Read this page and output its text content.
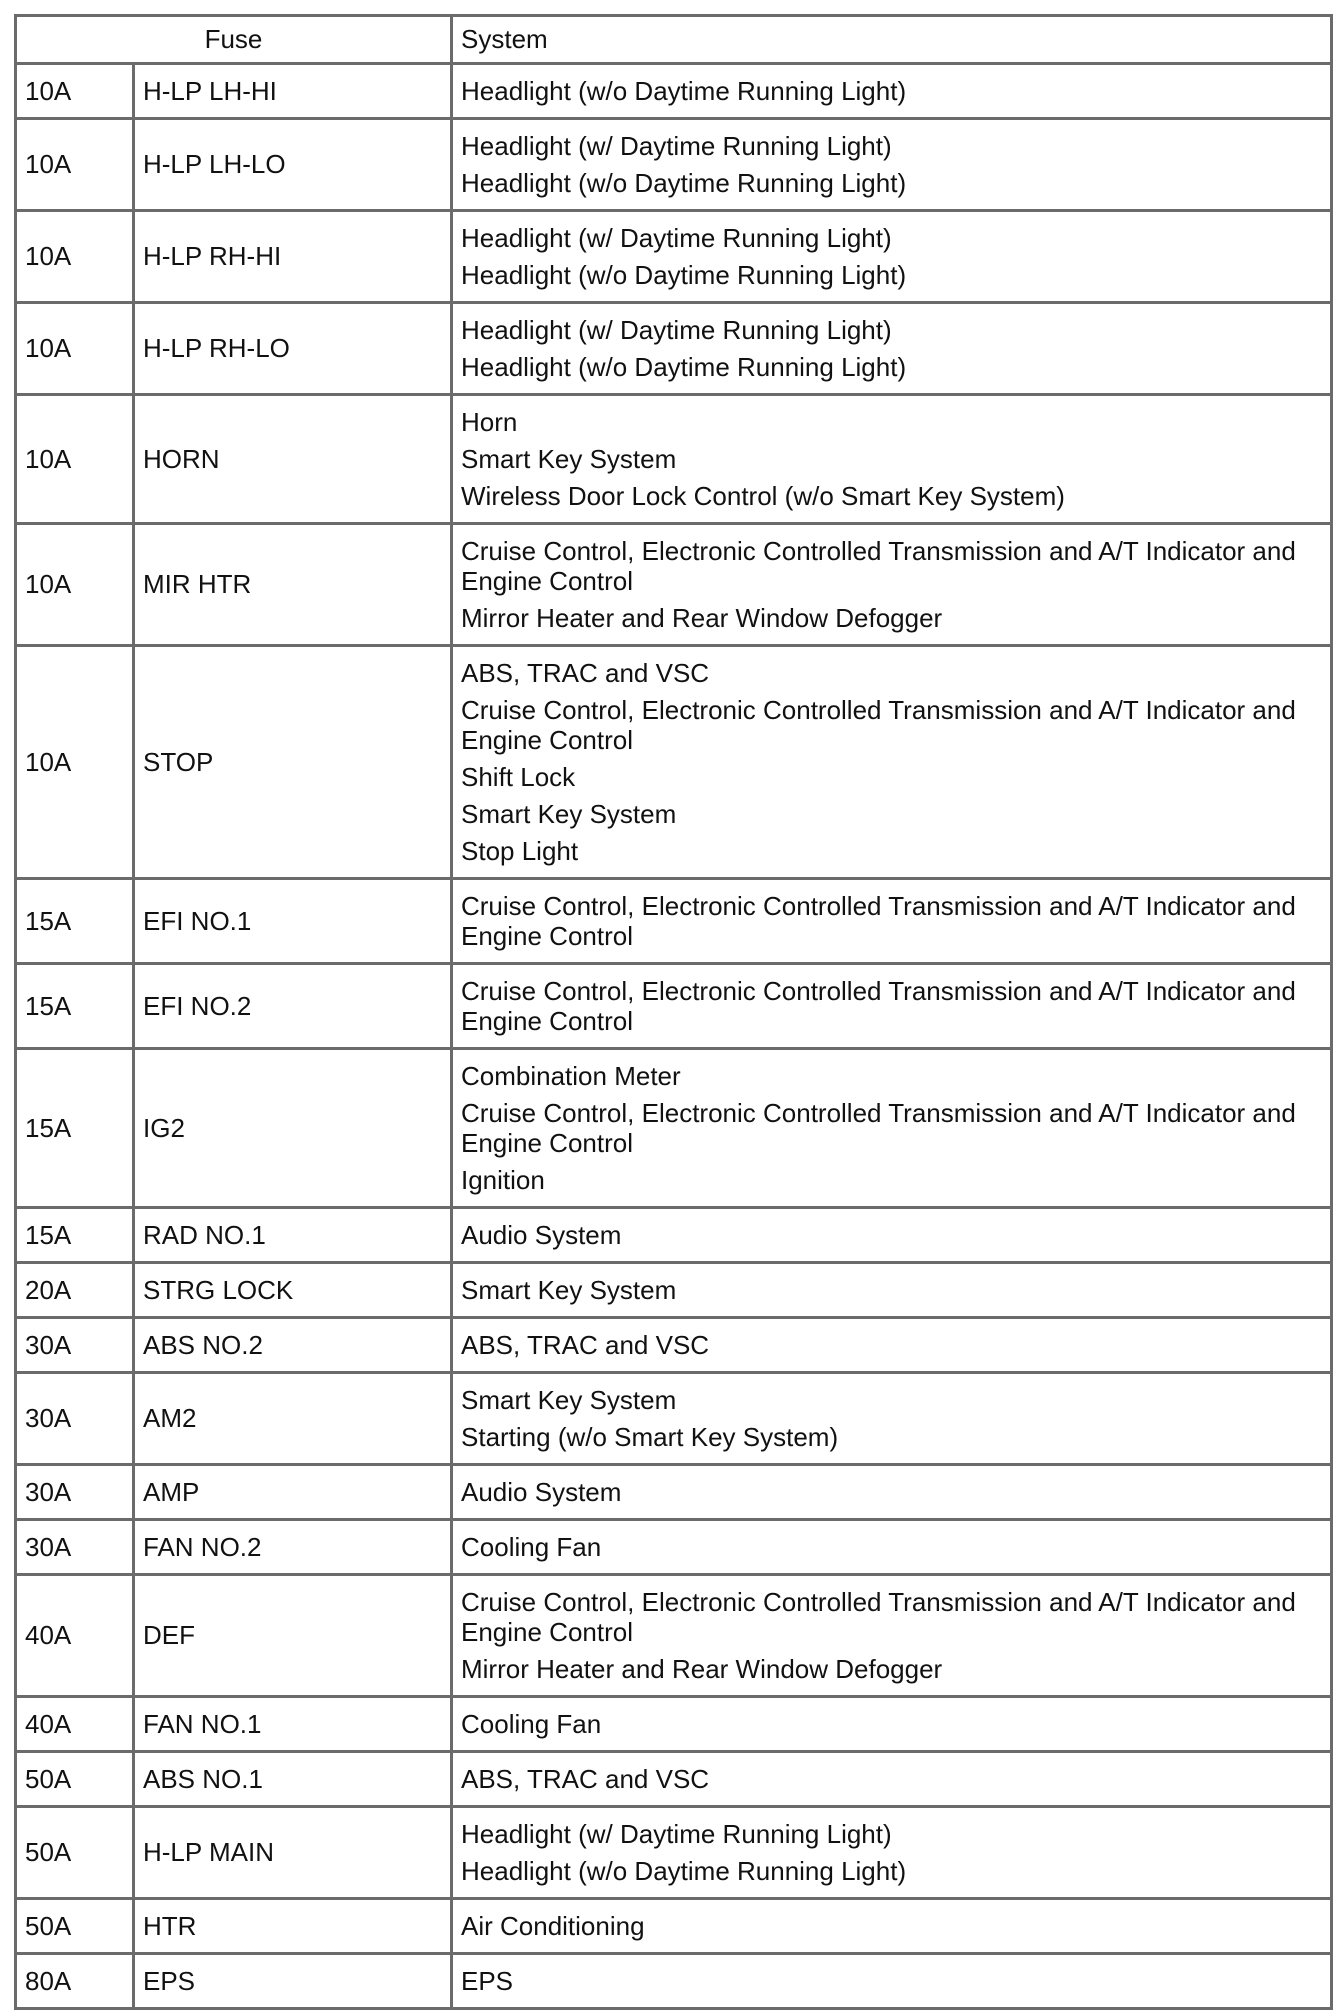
Fuse		System
10A	H-LP LH-HI	Headlight (w/o Daytime Running Light)

10A	H-LP LH-LO	Headlight (w/ Daytime Running Light)
Headlight (w/o Daytime Running Light)

10A	H-LP RH-HI	Headlight (w/ Daytime Running Light)
Headlight (w/o Daytime Running Light)

10A	H-LP RH-LO	Headlight (w/ Daytime Running Light)
Headlight (w/o Daytime Running Light)

10A	HORN	Horn
Smart Key System
Wireless Door Lock Control (w/o Smart Key System)

10A	MIR HTR	Cruise Control, Electronic Controlled Transmission and A/T Indicator and Engine Control
Mirror Heater and Rear Window Defogger

10A	STOP	ABS, TRAC and VSC
Cruise Control, Electronic Controlled Transmission and A/T Indicator and Engine Control
Shift Lock
Smart Key System
Stop Light

15A	EFI NO.1	Cruise Control, Electronic Controlled Transmission and A/T Indicator and Engine Control

15A	EFI NO.2	Cruise Control, Electronic Controlled Transmission and A/T Indicator and Engine Control

15A	IG2	Combination Meter
Cruise Control, Electronic Controlled Transmission and A/T Indicator and Engine Control
Ignition

15A	RAD NO.1	Audio System

20A	STRG LOCK	Smart Key System

30A	ABS NO.2	ABS, TRAC and VSC

30A	AM2	Smart Key System
Starting (w/o Smart Key System)

30A	AMP	Audio System

30A	FAN NO.2	Cooling Fan

40A	DEF	Cruise Control, Electronic Controlled Transmission and A/T Indicator and Engine Control
Mirror Heater and Rear Window Defogger

40A	FAN NO.1	Cooling Fan

50A	ABS NO.1	ABS, TRAC and VSC

50A	H-LP MAIN	Headlight (w/ Daytime Running Light)
Headlight (w/o Daytime Running Light)

50A	HTR	Air Conditioning

80A	EPS	EPS
